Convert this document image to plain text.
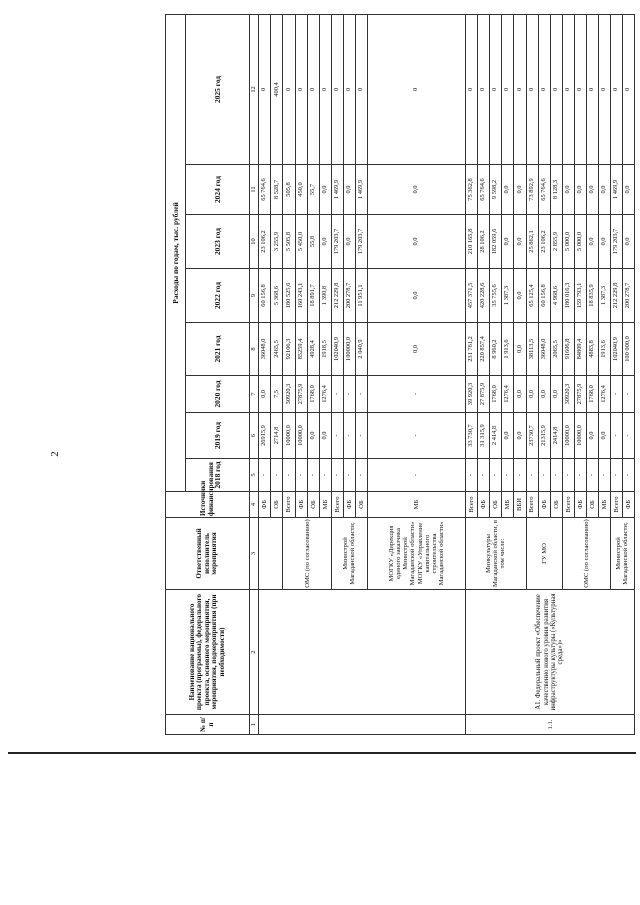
2
№ п/п	Наименование национального проекта (программы), федерального проекта, основного мероприятия, мероприятия, подмероприятия (при необходимости)	Ответственный исполнитель мероприятия	Источники финансирования	Расходы по годам, тыс. рублей							
				2018 год	2019 год	2020 год	2021 год	2022 год	2023 год	2024 год	2025 год
1	2	3	4	5	6	7	8	9	10	11	12
			ФБ	-	26915,9	0,0	36048,0	60 156,8	23 106,2	65 764,6	0
			ОБ	-	2714,8	7,5	2465,5	5 368,6	3 255,9	8 528,7	400,4
		ОМС (по согласованию)	Всего	-	10000,0	30920,3	92106,3	180 525,6	5 505,8	505,8	0
			ФБ	-	10000,0	27875,9	85259,4	160 243,1	5 450,0	450,0	0
			ОБ	-	0,0	1768,0	4928,4	18 891,7	55,8	55,7	0
			МБ	-	0,0	1276,4	1918,5	1 390,8	0,0	0,0	0
		Министрой Магаданской области;	Всего	-	-	-	102040,9	212 229,8	179 203,7	1 469,9	0
			ФБ	-	-	-	100000,0	200 278,7	0,0	0,0	0
			ОБ	-	-	-	2 040,9	11 951,1	179 203,7	1 469,9	0
		МОГКУ «Дирекция единого заказчика Министрой Магаданской области» МОГКУ «Управление капитального строительства Магаданской области»	МБ	-	-	-	0,0	0,0	0,0	0,0	0
1.1.	А1. Федеральный проект «Обеспечение качественно нового уровня развития инфраструктуры культуры («Культурная среда»)»	Минкультуры Магаданской области, в том числе:	Всего	-	33 730,7	39 920,3	231 761,2	457 371,5	210 165,8	75 362,8	0
			ФБ	-	31 315,9	27 875,9	220 857,4	420 228,6	28 106,2	65 764,6	0
			ОБ	-	2 414,8	1768,0	8 960,2	35 755,6	182 059,6	9 598,2	0
			МБ	-	0,0	1276,4	1 913,6	1 387,3	0,0	0,0	0
			ВБИ	-	0,0	0,0	0,0	0,0	0,0	0,0	0
		ГУ МО	Всего	-	23730,7	0,0	38113,5	65 125,4	25 862,1	73 892,9	0
			ФБ	-	21315,9	0,0	36048,0	60 156,8	23 106,2	65 764,6	0
			ОБ	-	2414,8	0,0	2065,5	4 968,6	2 855,9	8 128,3	0
		ОМС (по согласованию)	Всего	-	10000,0	30920,3	91606,8	180 016,3	5 000,0	0,0	0
			ФБ	-	10000,0	27875,9	84809,4	159 793,1	5 000,0	0,0	0
			ОБ	-	0,0	1768,0	4883,8	18 835,9	0,0	0,0	0
			МБ	-	0,0	1276,4	1913,6	1 387,3	0,0	0,0	0
		Министрой Магаданской области;	Всего	-	-	-	102040,9	212 229,8	179 203,7	1 469,9	0
			ФБ	-	-	-	100 000,0	200 278,7	0,0	0,0	0
